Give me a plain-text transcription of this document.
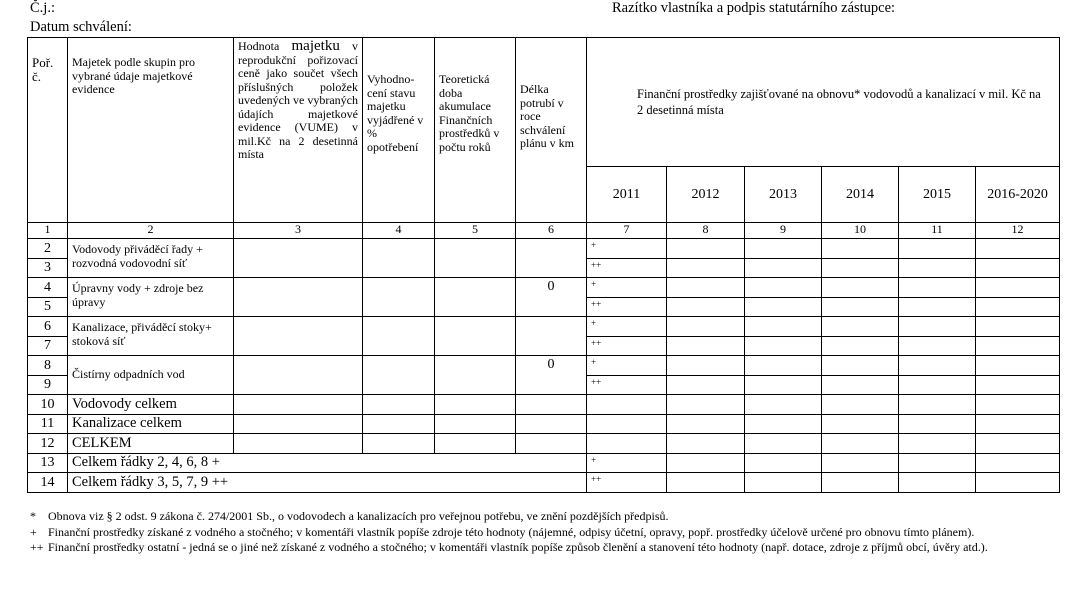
Č.j.:
Datum schválení:
Razítko vlastníka a podpis statutárního zástupce:
Poř. č.	Majetek podle skupin pro vybrané údaje majetkové evidence	Hodnota majetku v reprodukční pořizovací ceně jako součet všech příslušných položek uvedených ve vybraných údajích majetkové evidence (VUME) v mil.Kč na 2 desetinná místa	Vyhodno-cení stavu majetku vyjádřené v % opotřebení	Teoretická doba akumulace Finančních prostředků v počtu roků	Délka potrubí v roce schválení plánu v km	Finanční prostředky zajišťované na obnovu* vodovodů a kanalizací v mil. Kč na 2 desetinná místa					
						2011	2012	2013	2014	2015	2016-2020
1	2	3	4	5	6	7	8	9	10	11	12
2	Vodovody přiváděcí řady + rozvodná vodovodní síť					+					
3						++					
4	Úpravny vody + zdroje bez úpravy				0	+					
5						++					
6	Kanalizace, přiváděcí stoky+ stoková síť					+					
7						++					
8	Čistírny odpadních vod				0	+					
9						++					
10	Vodovody celkem										
11	Kanalizace celkem										
12	CELKEM										
13	Celkem řádky 2, 4, 6, 8 +					+					
14	Celkem řádky 3, 5, 7, 9 ++					++					
* Obnova viz § 2 odst. 9 zákona č. 274/2001 Sb., o vodovodech a kanalizacích pro veřejnou potřebu, ve znění pozdějších předpisů.
+ Finanční prostředky získané z vodného a stočného; v komentáři vlastník popíše zdroje této hodnoty (nájemné, odpisy účetní, opravy, popř. prostředky účelově určené pro obnovu tímto plánem).
++ Finanční prostředky ostatní - jedná se o jiné než získané z vodného a stočného; v komentáři vlastník popíše způsob členění a stanovení této hodnoty (např. dotace, zdroje z příjmů obcí, úvěry atd.).
